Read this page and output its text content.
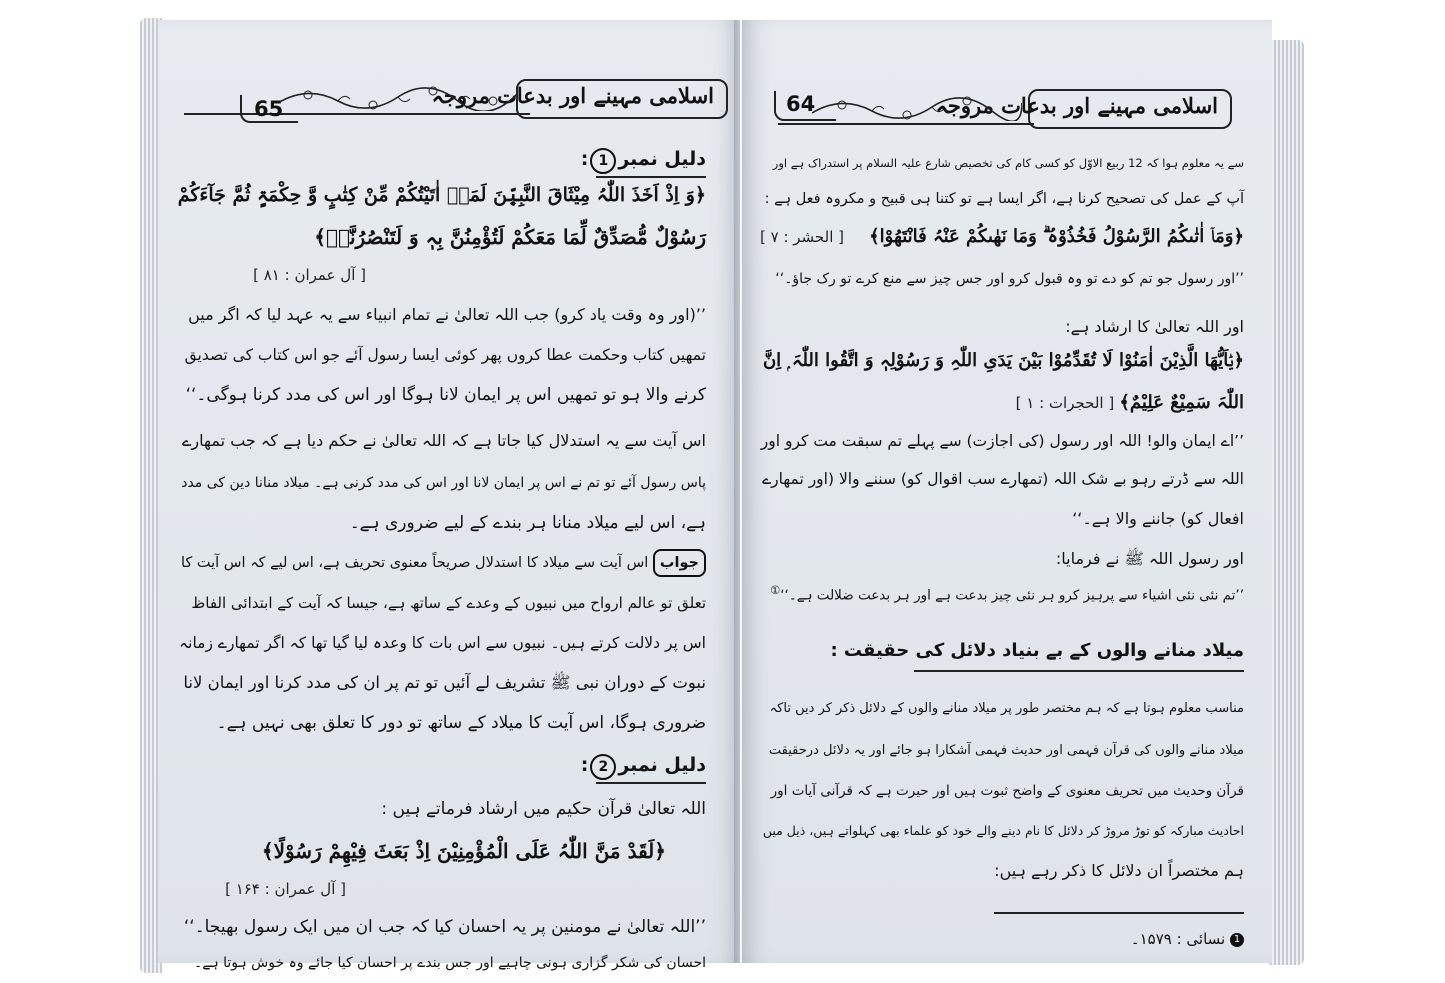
اسلامی مہینے اور بدعات مروجہ
65
دلیل نمبر1:
﴿وَ اِذْ اَخَذَ اللّٰہُ مِیْثَاقَ النَّبِیّٖنَ لَمَاۤ اٰتَیْتُکُمْ مِّنْ کِتٰبٍ وَّ حِکْمَۃٍ ثُمَّ جَآءَکُمْ
رَسُوْلٌ مُّصَدِّقٌ لِّمَا مَعَکُمْ لَتُؤْمِنُنَّ بِہٖ وَ لَتَنْصُرُنَّہٗ﴾
[ آل عمران : ۸۱ ]
’’(اور وہ وقت یاد کرو) جب اللہ تعالیٰ نے تمام انبیاء سے یہ عہد لیا کہ اگر میں
تمھیں کتاب وحکمت عطا کروں پھر کوئی ایسا رسول آئے جو اس کتاب کی تصدیق
کرنے والا ہو تو تمھیں اس پر ایمان لانا ہوگا اور اس کی مدد کرنا ہوگی۔‘‘
اس آیت سے یہ استدلال کیا جاتا ہے کہ اللہ تعالیٰ نے حکم دیا ہے کہ جب تمھارے
پاس رسول آئے تو تم نے اس پر ایمان لانا اور اس کی مدد کرنی ہے۔ میلاد منانا دین کی مدد
ہے، اس لیے میلاد منانا ہر بندے کے لیے ضروری ہے۔
جواب اس آیت سے میلاد کا استدلال صریحاً معنوی تحریف ہے، اس لیے کہ اس آیت کا
تعلق تو عالم ارواح میں نبیوں کے وعدے کے ساتھ ہے، جیسا کہ آیت کے ابتدائی الفاظ
اس پر دلالت کرتے ہیں۔ نبیوں سے اس بات کا وعدہ لیا گیا تھا کہ اگر تمھارے زمانہ
نبوت کے دوران نبی ﷺ تشریف لے آئیں تو تم پر ان کی مدد کرنا اور ایمان لانا
ضروری ہوگا، اس آیت کا میلاد کے ساتھ تو دور کا تعلق بھی نہیں ہے۔
دلیل نمبر2:
اللہ تعالیٰ قرآن حکیم میں ارشاد فرماتے ہیں :
﴿لَقَدْ مَنَّ اللّٰہُ عَلَی الْمُؤْمِنِیْنَ اِذْ بَعَثَ فِیْھِمْ رَسُوْلًا﴾
[ آل عمران : ۱۶۴ ]
’’اللہ تعالیٰ نے مومنین پر یہ احسان کیا کہ جب ان میں ایک رسول بھیجا۔‘‘
احسان کی شکر گزاری ہونی چاہیے اور جس بندے پر احسان کیا جائے وہ خوش ہوتا ہے۔
اسلامی مہینے اور بدعات مروجہ
64
سے یہ معلوم ہوا کہ 12 ربیع الاوّل کو کسی کام کی تخصیص شارع علیہ السلام پر استدراک ہے اور
آپ کے عمل کی تصحیح کرنا ہے، اگر ایسا ہے تو کتنا ہی قبیح و مکروہ فعل ہے :
﴿وَمَاۤ اٰتٰىکُمُ الرَّسُوْلُ فَخُذُوْہُ ۗ وَمَا نَھٰىکُمْ عَنْہُ فَانْتَھُوْا﴾
[ الحشر : ۷ ]
’’اور رسول جو تم کو دے تو وہ قبول کرو اور جس چیز سے منع کرے تو رک جاؤ۔‘‘
اور اللہ تعالیٰ کا ارشاد ہے:
﴿یٰۤاَیُّھَا الَّذِیْنَ اٰمَنُوْا لَا تُقَدِّمُوْا بَیْنَ یَدَیِ اللّٰہِ وَ رَسُوْلِہٖ وَ اتَّقُوا اللّٰہَ ۭ اِنَّ
اللّٰہَ سَمِیْعٌ عَلِیْمٌ﴾ [ الحجرات : ۱ ]
’’اے ایمان والو! اللہ اور رسول (کی اجازت) سے پہلے تم سبقت مت کرو اور
اللہ سے ڈرتے رہو بے شک اللہ (تمھارے سب اقوال کو) سننے والا (اور تمھارے
افعال کو) جاننے والا ہے۔‘‘
اور رسول اللہ ﷺ نے فرمایا:
’’تم نئی نئی اشیاء سے پرہیز کرو ہر نئی چیز بدعت ہے اور ہر بدعت ضلالت ہے۔‘‘①
میلاد منانے والوں کے بے بنیاد دلائل کی حقیقت :
مناسب معلوم ہوتا ہے کہ ہم مختصر طور پر میلاد منانے والوں کے دلائل ذکر کر دیں تاکہ
میلاد منانے والوں کی قرآن فہمی اور حدیث فہمی آشکارا ہو جائے اور یہ دلائل درحقیقت
قرآن وحدیث میں تحریف معنوی کے واضح ثبوت ہیں اور حیرت ہے کہ قرآنی آیات اور
احادیث مبارکہ کو توڑ مروڑ کر دلائل کا نام دینے والے خود کو علماء بھی کہلواتے ہیں، ذیل میں
ہم مختصراً ان دلائل کا ذکر رہے ہیں:
1 نسائی : ۱۵۷۹۔
